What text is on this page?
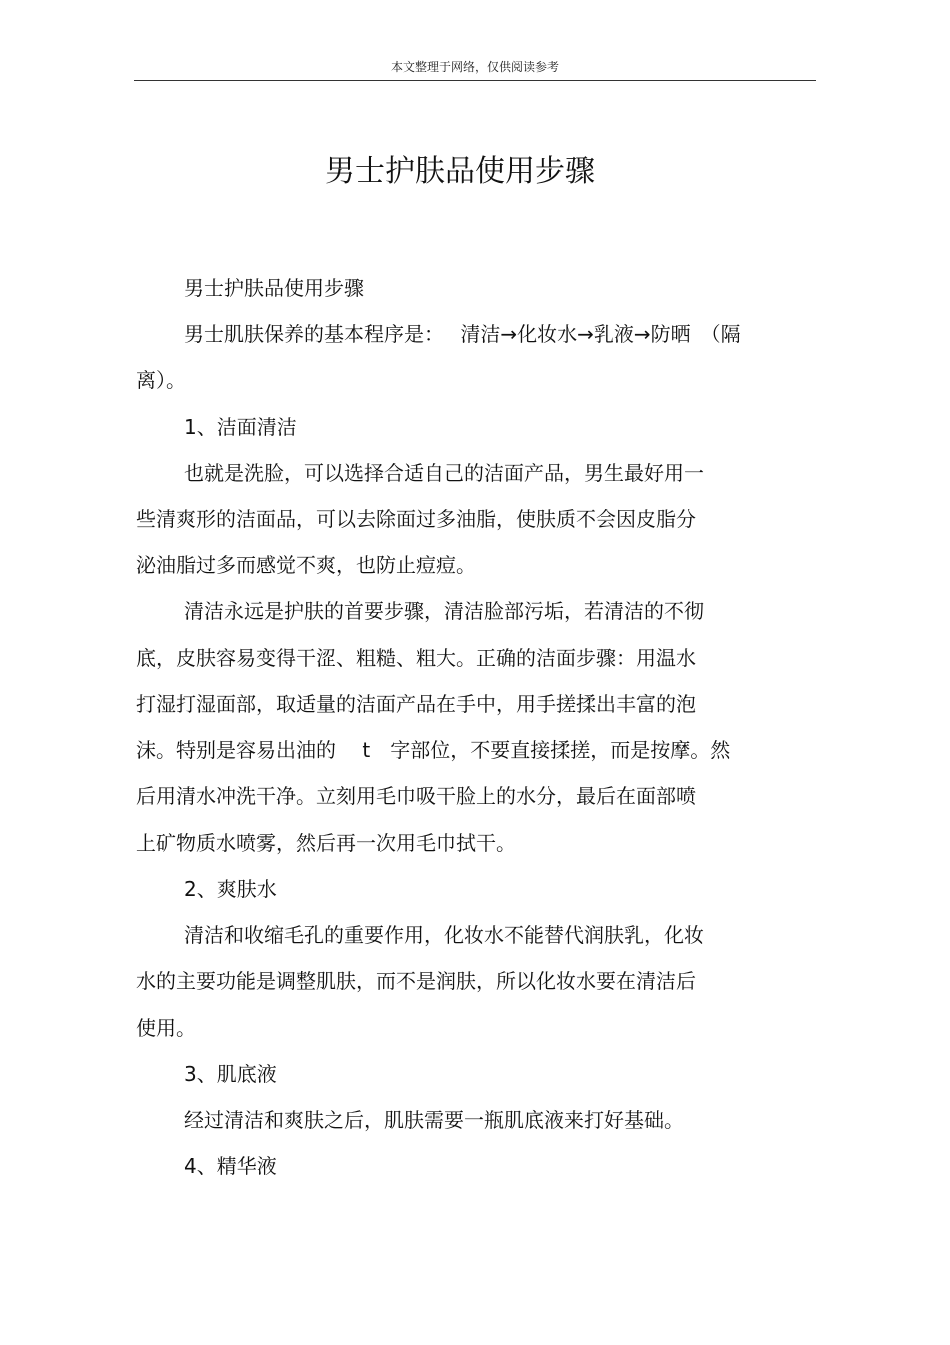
本文整理于网络，仅供阅读参考
男士护肤品使用步骤
男士护肤品使用步骤
男士肌肤保养的基本程序是：　 清洁→化妆水→乳液→防晒　（隔
离）。
1、洁面清洁
也就是洗脸，可以选择合适自己的洁面产品，男生最好用一
些清爽形的洁面品，可以去除面过多油脂，使肤质不会因皮脂分
泌油脂过多而感觉不爽，也防止痘痘。
清洁永远是护肤的首要步骤，清洁脸部污垢，若清洁的不彻
底，皮肤容易变得干涩、粗糙、粗大。正确的洁面步骤：用温水
打湿打湿面部，取适量的洁面产品在手中，用手搓揉出丰富的泡
沫。特别是容易出油的　 t　字部位，不要直接揉搓，而是按摩。然
后用清水冲洗干净。立刻用毛巾吸干脸上的水分，最后在面部喷
上矿物质水喷雾，然后再一次用毛巾拭干。
2、爽肤水
清洁和收缩毛孔的重要作用，化妆水不能替代润肤乳，化妆
水的主要功能是调整肌肤，而不是润肤，所以化妆水要在清洁后
使用。
3、肌底液
经过清洁和爽肤之后，肌肤需要一瓶肌底液来打好基础。
4、精华液
